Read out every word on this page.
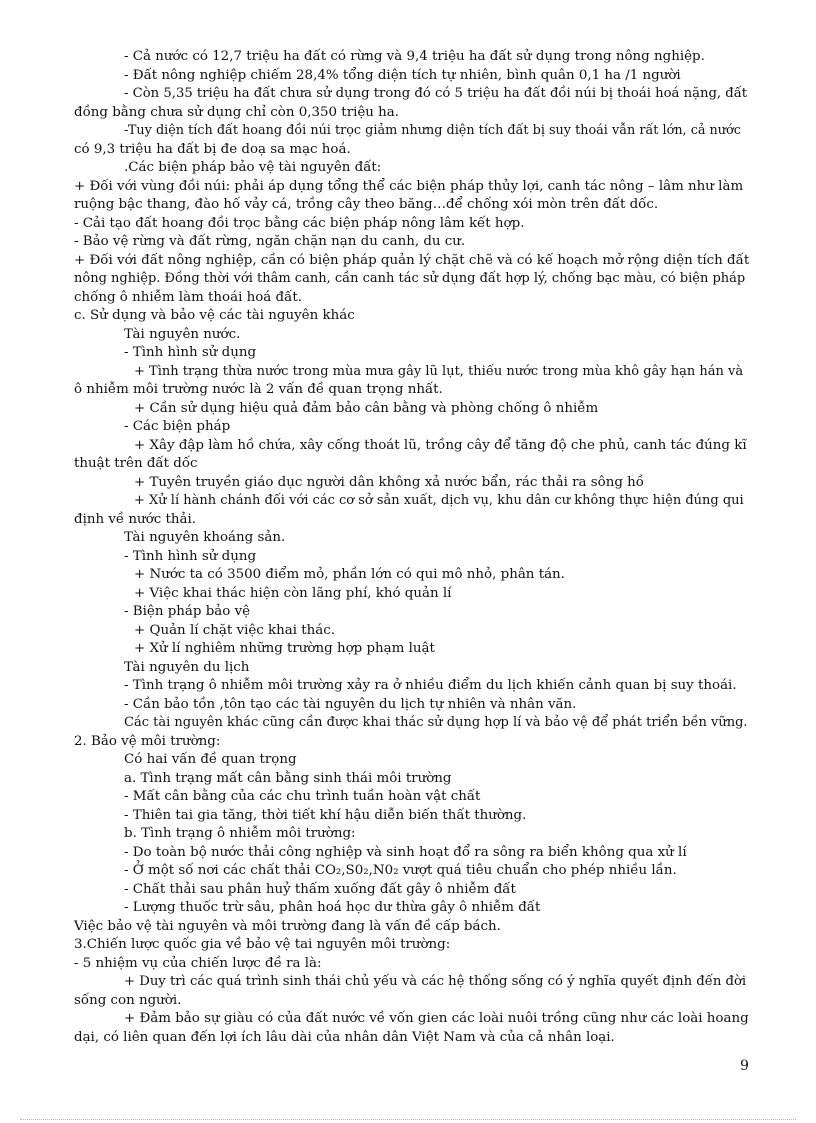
- Cả nước có 12,7 triệu ha đất có rừng và 9,4 triệu ha đất sử dụng trong nông nghiệp.
- Đất nông nghiệp chiếm 28,4% tổng diện tích tự nhiên, bình quân 0,1 ha /1 người
- Còn 5,35 triệu ha đất chưa sử dụng trong đó có 5 triệu ha đất đồi núi bị thoái hoá nặng, đất
đồng bằng chưa sử dụng chỉ còn 0,350 triệu ha.
-Tuy diện tích đất hoang đồi núi trọc giảm nhưng diện tích đất bị suy thoái vẫn rất lớn, cả nước
có 9,3 triệu ha đất bị đe doạ sa mạc hoá.
.Các biện pháp bảo vệ tài nguyên đất:
+ Đối với vùng đồi núi: phải áp dụng tổng thể các biện pháp thủy lợi, canh tác nông – lâm như làm
ruộng bậc thang, đào hố vảy cá, trồng cây theo băng…để chống xói mòn trên đất dốc.
- Cải tạo đất hoang đồi trọc bằng các biện pháp nông lâm kết hợp.
- Bảo vệ rừng và đất rừng, ngăn chặn nạn du canh, du cư.
+ Đối với đất nông nghiệp, cần có biện pháp quản lý chặt chẽ và có kế hoạch mở rộng diện tích đất
nông nghiệp. Đồng thời với thâm canh, cần canh tác sử dụng đất hợp lý, chống bạc màu, có biện pháp
chống ô nhiễm làm thoái hoá đất.
c. Sử dụng và bảo vệ các tài nguyên khác
Tài nguyên nước.
- Tình hình sử dụng
+ Tình trạng thừa nước trong mùa mưa gây lũ lụt, thiếu nước trong mùa khô gây hạn hán và
ô nhiễm môi trường nước là 2 vấn đề quan trọng nhất.
+ Cần sử dụng hiệu quả đảm bảo cân bằng và phòng chống ô nhiễm
- Các biện pháp
+ Xây đập làm hồ chứa, xây cống thoát lũ, trồng cây để tăng độ che phủ, canh tác đúng kĩ
thuật trên đất dốc
+ Tuyên truyền giáo dục người dân không xả nước bẩn, rác thải ra sông hồ
+ Xử lí hành chánh đối với các cơ sở sản xuất, dịch vụ, khu dân cư không thực hiện đúng qui
định về nước thải.
Tài nguyên khoáng sản.
- Tình hình sử dụng
+ Nước ta có 3500 điểm mỏ, phần lớn có qui mô nhỏ, phân tán.
+ Việc khai thác hiện còn lãng phí, khó quản lí
- Biện pháp bảo vệ
+ Quản lí chặt việc khai thác.
+ Xử lí nghiêm những trường hợp phạm luật
Tài nguyên du lịch
- Tình trạng ô nhiễm môi trường xảy ra ở nhiều điểm du lịch khiến cảnh quan bị suy thoái.
- Cần bảo tồn ,tôn tạo các tài nguyên du lịch tự nhiên và nhân văn.
Các tài nguyên khác cũng cần được khai thác sử dụng hợp lí và bảo vệ để phát triển bền vững.
2. Bảo vệ môi trường:
Có hai vấn đề quan trọng
a. Tình trạng mất cân bằng sinh thái môi trường
- Mất cân bằng của các chu trình tuần hoàn vật chất
- Thiên tai gia tăng, thời tiết khí hậu diễn biến thất thường.
b. Tình trạng ô nhiễm môi trường:
- Do toàn bộ nước thải công nghiệp và sinh hoạt đổ ra sông ra biển không qua xử lí
- Ở một số nơi các chất thải CO₂,S0₂,N0₂ vượt quá tiêu chuẩn cho phép nhiều lần.
- Chất thải sau phân huỷ thấm xuống đất gây ô nhiễm đất
- Lượng thuốc trừ sâu, phân hoá học dư thừa gây ô nhiễm đất
Việc bảo vệ tài nguyên và môi trường đang là vấn đề cấp bách.
3.Chiến lược quốc gia về bảo vệ tai nguyên môi trường:
- 5 nhiệm vụ của chiến lược đề ra là:
+ Duy trì các quá trình sinh thái chủ yếu và các hệ thống sống có ý nghĩa quyết định đến đời
sống con người.
+ Đảm bảo sự giàu có của đất nước về vốn gien các loài nuôi trồng cũng như các loài hoang
dại, có liên quan đến lợi ích lâu dài của nhân dân Việt Nam và của cả nhân loại.
9
